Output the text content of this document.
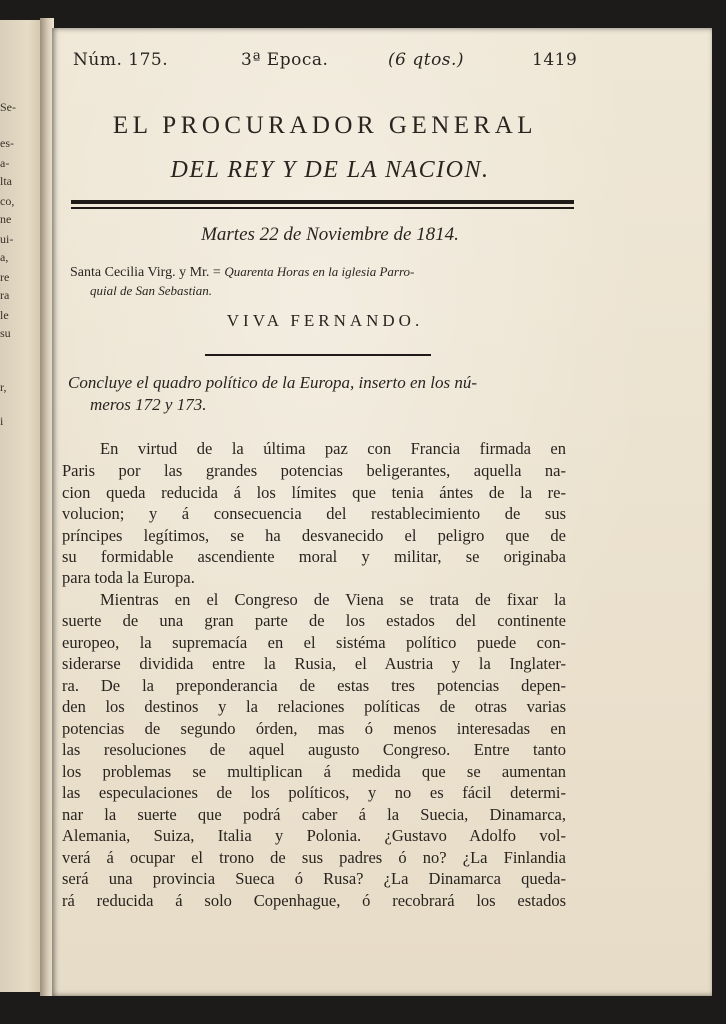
Se-
es-
a-
lta
co,
ne
ui-
a,
re
ra
le
su
r,
i
Núm. 175.	3ª Epoca.	(6 qtos.)	1419
EL PROCURADOR GENERAL
DEL REY Y DE LA NACION.
Martes 22 de Noviembre de 1814.
Santa Cecilia Virg. y Mr. = Quarenta Horas en la iglesia Parro-
quial de San Sebastian.
VIVA FERNANDO.
Concluye el quadro político de la Europa, inserto en los nú-
meros 172 y 173.
En virtud de la última paz con Francia firmada en
Paris por las grandes potencias beligerantes, aquella na-
cion queda reducida á los límites que tenia ántes de la re-
volucion; y á consecuencia del restablecimiento de sus
príncipes legítimos, se ha desvanecido el peligro que de
su formidable ascendiente moral y militar, se originaba
para toda la Europa.
Mientras en el Congreso de Viena se trata de fixar la
suerte de una gran parte de los estados del continente
europeo, la supremacía en el sistéma político puede con-
siderarse dividida entre la Rusia, el Austria y la Inglater-
ra. De la preponderancia de estas tres potencias depen-
den los destinos y la relaciones políticas de otras varias
potencias de segundo órden, mas ó menos interesadas en
las resoluciones de aquel augusto Congreso. Entre tanto
los problemas se multiplican á medida que se aumentan
las especulaciones de los políticos, y no es fácil determi-
nar la suerte que podrá caber á la Suecia, Dinamarca,
Alemania, Suiza, Italia y Polonia. ¿Gustavo Adolfo vol-
verá á ocupar el trono de sus padres ó no? ¿La Finlandia
será una provincia Sueca ó Rusa? ¿La Dinamarca queda-
rá reducida á solo Copenhague, ó recobrará los estados
